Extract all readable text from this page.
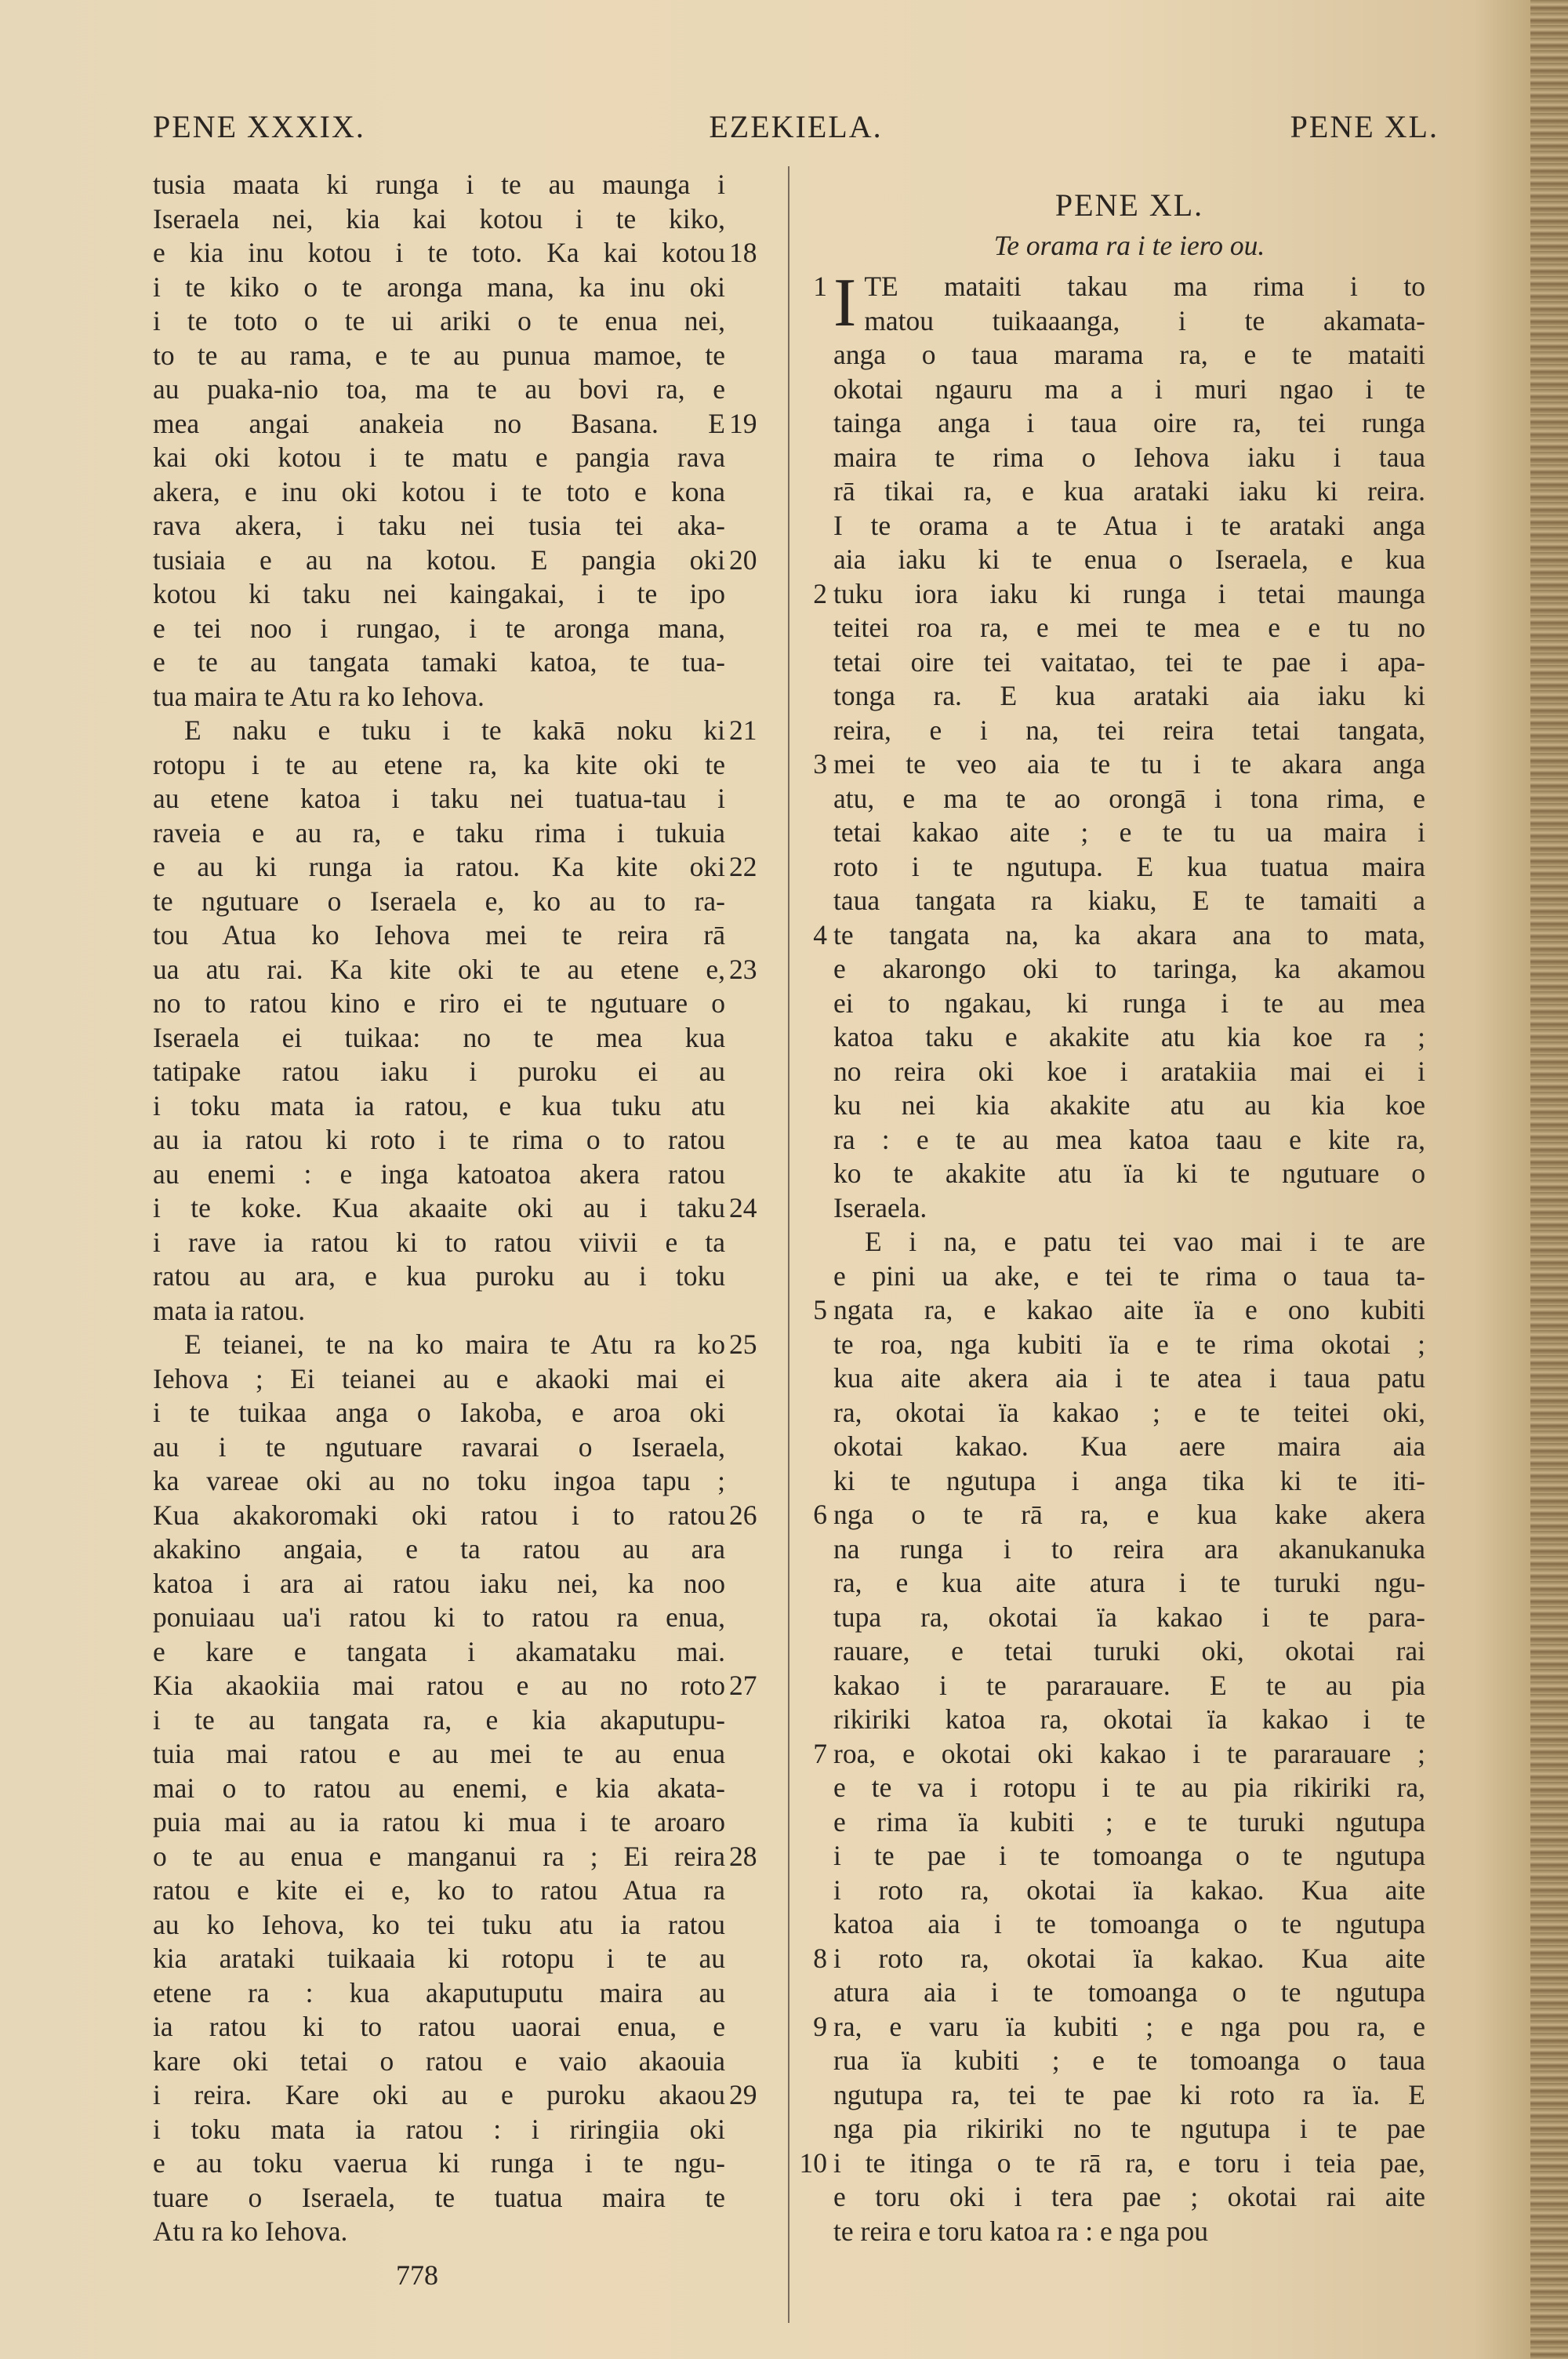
PENE XXXIX.	EZEKIELA.	PENE XL.
tusia maata ki runga i te au maunga i
Iseraela nei, kia kai kotou i te kiko,
e kia inu kotou i te toto. Ka kai kotou
i te kiko o te aronga mana, ka inu oki
i te toto o te ui ariki o te enua nei,
to te au rama, e te au punua mamoe, te
au puaka-nio toa, ma te au bovi ra, e
mea angai anakeia no Basana. E
kai oki kotou i te matu e pangia rava
akera, e inu oki kotou i te toto e kona
rava akera, i taku nei tusia tei aka-
tusiaia e au na kotou. E pangia oki
kotou ki taku nei kaingakai, i te ipo
e tei noo i rungao, i te aronga mana,
e te au tangata tamaki katoa, te tua-
tua maira te Atu ra ko Iehova.
E naku e tuku i te kakā noku ki
rotopu i te au etene ra, ka kite oki te
au etene katoa i taku nei tuatua-tau i
raveia e au ra, e taku rima i tukuia
e au ki runga ia ratou. Ka kite oki
te ngutuare o Iseraela e, ko au to ra-
tou Atua ko Iehova mei te reira rā
ua atu rai. Ka kite oki te au etene e,
no to ratou kino e riro ei te ngutuare o
Iseraela ei tuikaa: no te mea kua
tatipake ratou iaku i puroku ei au
i toku mata ia ratou, e kua tuku atu
au ia ratou ki roto i te rima o to ratou
au enemi : e inga katoatoa akera ratou
i te koke. Kua akaaite oki au i taku
i rave ia ratou ki to ratou viivii e ta
ratou au ara, e kua puroku au i toku
mata ia ratou.
E teianei, te na ko maira te Atu ra ko
Iehova ; Ei teianei au e akaoki mai ei
i te tuikaa anga o Iakoba, e aroa oki
au i te ngutuare ravarai o Iseraela,
ka vareae oki au no toku ingoa tapu ;
Kua akakoromaki oki ratou i to ratou
akakino angaia, e ta ratou au ara
katoa i ara ai ratou iaku nei, ka noo
ponuiaau ua'i ratou ki to ratou ra enua,
e kare e tangata i akamataku mai.
Kia akaokiia mai ratou e au no roto
i te au tangata ra, e kia akaputupu-
tuia mai ratou e au mei te au enua
mai o to ratou au enemi, e kia akata-
puia mai au ia ratou ki mua i te aroaro
o te au enua e manganui ra ; Ei reira
ratou e kite ei e, ko to ratou Atua ra
au ko Iehova, ko tei tuku atu ia ratou
kia arataki tuikaaia ki rotopu i te au
etene ra : kua akaputuputu maira au
ia ratou ki to ratou uaorai enua, e
kare oki tetai o ratou e vaio akaouia
i reira. Kare oki au e puroku akaou
i toku mata ia ratou : i riringiia oki
e au toku vaerua ki runga i te ngu-
tuare o Iseraela, te tuatua maira te
Atu ra ko Iehova.
18
19
20
21
22
23
24
25
26
27
28
29
PENE XL.
Te orama ra i te iero ou.
I TE mataiti takau ma rima i to
matou tuikaaanga, i te akamata-
anga o taua marama ra, e te mataiti
okotai ngauru ma a i muri ngao i te
tainga anga i taua oire ra, tei runga
maira te rima o Iehova iaku i taua
rā tikai ra, e kua arataki iaku ki reira.
I te orama a te Atua i te arataki anga
aia iaku ki te enua o Iseraela, e kua
tuku iora iaku ki runga i tetai maunga
teitei roa ra, e mei te mea e e tu no
tetai oire tei vaitatao, tei te pae i apa-
tonga ra. E kua arataki aia iaku ki
reira, e i na, tei reira tetai tangata,
mei te veo aia te tu i te akara anga
atu, e ma te ao orongā i tona rima, e
tetai kakao aite ; e te tu ua maira i
roto i te ngutupa. E kua tuatua maira
taua tangata ra kiaku, E te tamaiti a
te tangata na, ka akara ana to mata,
e akarongo oki to taringa, ka akamou
ei to ngakau, ki runga i te au mea
katoa taku e akakite atu kia koe ra ;
no reira oki koe i aratakiia mai ei i
ku nei kia akakite atu au kia koe
ra : e te au mea katoa taau e kite ra,
ko te akakite atu ïa ki te ngutuare o
Iseraela.
E i na, e patu tei vao mai i te are
e pini ua ake, e tei te rima o taua ta-
ngata ra, e kakao aite ïa e ono kubiti
te roa, nga kubiti ïa e te rima okotai ;
kua aite akera aia i te atea i taua patu
ra, okotai ïa kakao ; e te teitei oki,
okotai kakao. Kua aere maira aia
ki te ngutupa i anga tika ki te iti-
nga o te rā ra, e kua kake akera
na runga i to reira ara akanukanuka
ra, e kua aite atura i te turuki ngu-
tupa ra, okotai ïa kakao i te para-
rauare, e tetai turuki oki, okotai rai
kakao i te pararauare. E te au pia
rikiriki katoa ra, okotai ïa kakao i te
roa, e okotai oki kakao i te pararauare ;
e te va i rotopu i te au pia rikiriki ra,
e rima ïa kubiti ; e te turuki ngutupa
i te pae i te tomoanga o te ngutupa
i roto ra, okotai ïa kakao. Kua aite
katoa aia i te tomoanga o te ngutupa
i roto ra, okotai ïa kakao. Kua aite
atura aia i te tomoanga o te ngutupa
ra, e varu ïa kubiti ; e nga pou ra, e
rua ïa kubiti ; e te tomoanga o taua
ngutupa ra, tei te pae ki roto ra ïa. E
nga pia rikiriki no te ngutupa i te pae
i te itinga o te rā ra, e toru i teia pae,
e toru oki i tera pae ; okotai rai aite
te reira e toru katoa ra : e nga pou
1
2
3
4
5
6
7
8
9
10
778
